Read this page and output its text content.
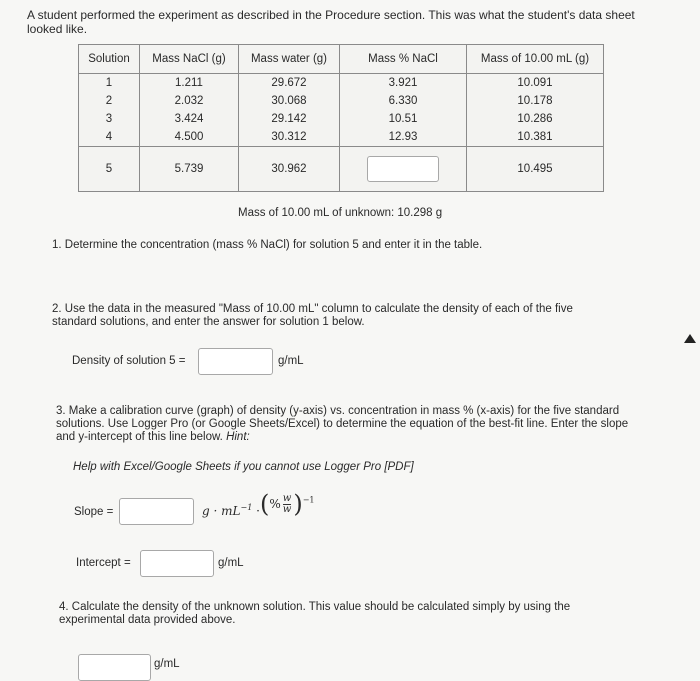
A student performed the experiment as described in the Procedure section. This was what the student's data sheet looked like.
Solution	Mass NaCl (g)	Mass water (g)	Mass % NaCl	Mass of 10.00 mL (g)
1	1.211	29.672	3.921	10.091
2	2.032	30.068	6.330	10.178
3	3.424	29.142	10.51	10.286
4	4.500	30.312	12.93	10.381
5	5.739	30.962		10.495
Mass of 10.00 mL of unknown: 10.298 g
1. Determine the concentration (mass % NaCl) for solution 5 and enter it in the table.
2. Use the data in the measured "Mass of 10.00 mL" column to calculate the density of each of the five standard solutions, and enter the answer for solution 1 below.
Density of solution 5 =	g/mL
3. Make a calibration curve (graph) of density (y-axis) vs. concentration in mass % (x-axis) for the five standard solutions. Use Logger Pro (or Google Sheets/Excel) to determine the equation of the best-fit line. Enter the slope and y-intercept of this line below. Hint:
Help with Excel/Google Sheets if you cannot use Logger Pro [PDF]
Slope =	$g \cdot mL^{-1}$ · (% $\frac{w}{w} )^{-1}$
Intercept =	g/mL
4. Calculate the density of the unknown solution. This value should be calculated simply by using the experimental data provided above.
g/mL
